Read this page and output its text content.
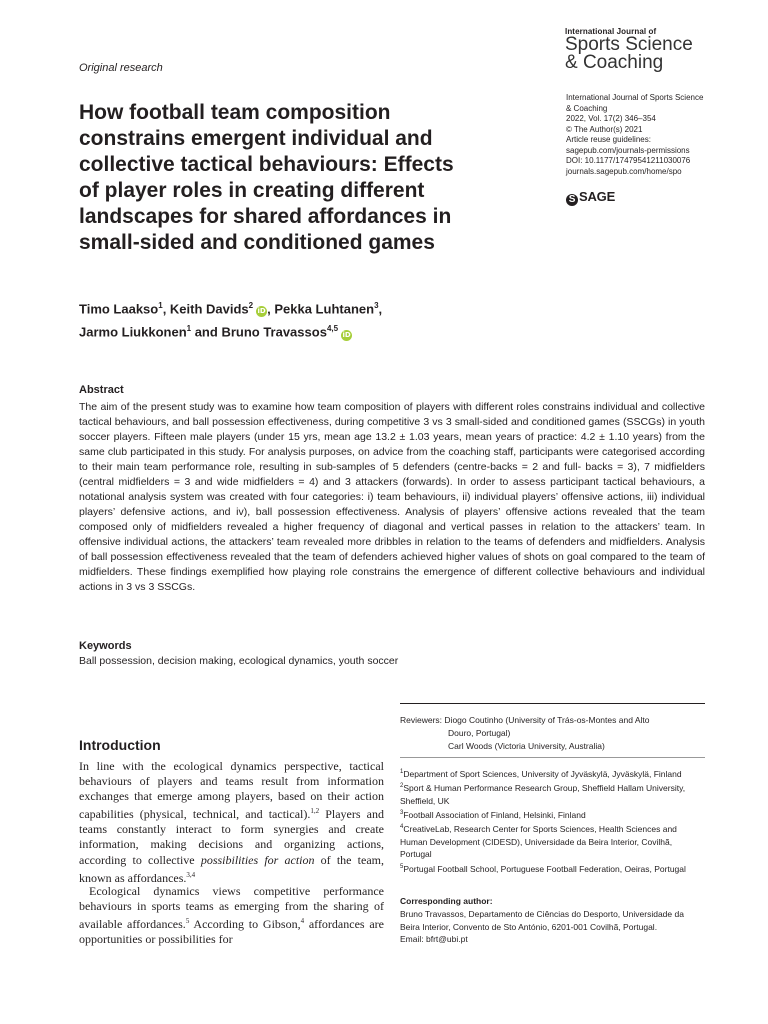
Original research
International Journal of
Sports Science
& Coaching
International Journal of Sports Science
& Coaching
2022, Vol. 17(2) 346–354
© The Author(s) 2021
Article reuse guidelines:
sagepub.com/journals-permissions
DOI: 10.1177/17479541211030076
journals.sagepub.com/home/spo
S SAGE
How football team composition constrains emergent individual and collective tactical behaviours: Effects of player roles in creating different landscapes for shared affordances in small-sided and conditioned games
Timo Laakso$^1$, Keith Davids$^2$iD, Pekka Luhtanen$^3$,
Jarmo Liukkonen$^1$ and Bruno Travassos$^{4,5}$iD
Abstract

The aim of the present study was to examine how team composition of players with different roles constrains individual and collective tactical behaviours, and ball possession effectiveness, during competitive 3 vs 3 small-sided and conditioned games (SSCGs) in youth soccer players. Fifteen male players (under 15 yrs, mean age 13.2 ± 1.03 years, mean years of practice: 4.2 ± 1.10 years) from the same club participated in this study. For analysis purposes, on advice from the coaching staff, participants were categorised according to their main team performance role, resulting in sub-samples of 5 defenders (centre-backs = 2 and full- backs = 3), 7 midfielders (central midfielders = 3 and wide midfielders = 4) and 3 attackers (forwards). In order to assess participant tactical behaviours, a notational analysis system was created with four categories: i) team behaviours, ii) individual players’ offensive actions, iii) individual players’ defensive actions, and iv), ball possession effectiveness. Analysis of players’ offensive actions revealed that the team composed only of midfielders revealed a higher frequency of diagonal and vertical passes in relation to the attackers’ team. In offensive individual actions, the attackers’ team revealed more dribbles in relation to the teams of defenders and midfielders. Analysis of ball possession effectiveness revealed that the team of defenders achieved higher values of shots on goal compared to the team of midfielders. These findings exemplified how playing role constrains the emergence of different collective behaviours and individual actions in 3 vs 3 SSCGs.

Keywords
Ball possession, decision making, ecological dynamics, youth soccer
Introduction

In line with the ecological dynamics perspective, tactical behaviours of players and teams result from information exchanges that emerge among players, based on their action capabilities (physical, technical, and tactical).$^{1,2}$ Players and teams constantly interact to form synergies and create information, making decisions and organizing actions, according to collective possibilities for action of the team, known as affordances.$^{3,4}$

Ecological dynamics views competitive performance behaviours in sports teams as emerging from the sharing of available affordances.$^5$ According to Gibson,$^4$ affordances are opportunities or possibilities for

Reviewers: Diogo Coutinho (University of Trás-os-Montes and Alto
Douro, Portugal)
Carl Woods (Victoria University, Australia)
$^1$Department of Sport Sciences, University of Jyväskylä, Jyväskylä, Finland
$^2$Sport & Human Performance Research Group, Sheffield Hallam University, Sheffield, UK
$^3$Football Association of Finland, Helsinki, Finland
$^4$CreativeLab, Research Center for Sports Sciences, Health Sciences and Human Development (CIDESD), Universidade da Beira Interior, Covilhã, Portugal
$^5$Portugal Football School, Portuguese Football Federation, Oeiras, Portugal
Corresponding author:
Bruno Travassos, Departamento de Ciências do Desporto, Universidade da Beira Interior, Convento de Sto António, 6201-001 Covilhã, Portugal.
Email: bfrt@ubi.pt
